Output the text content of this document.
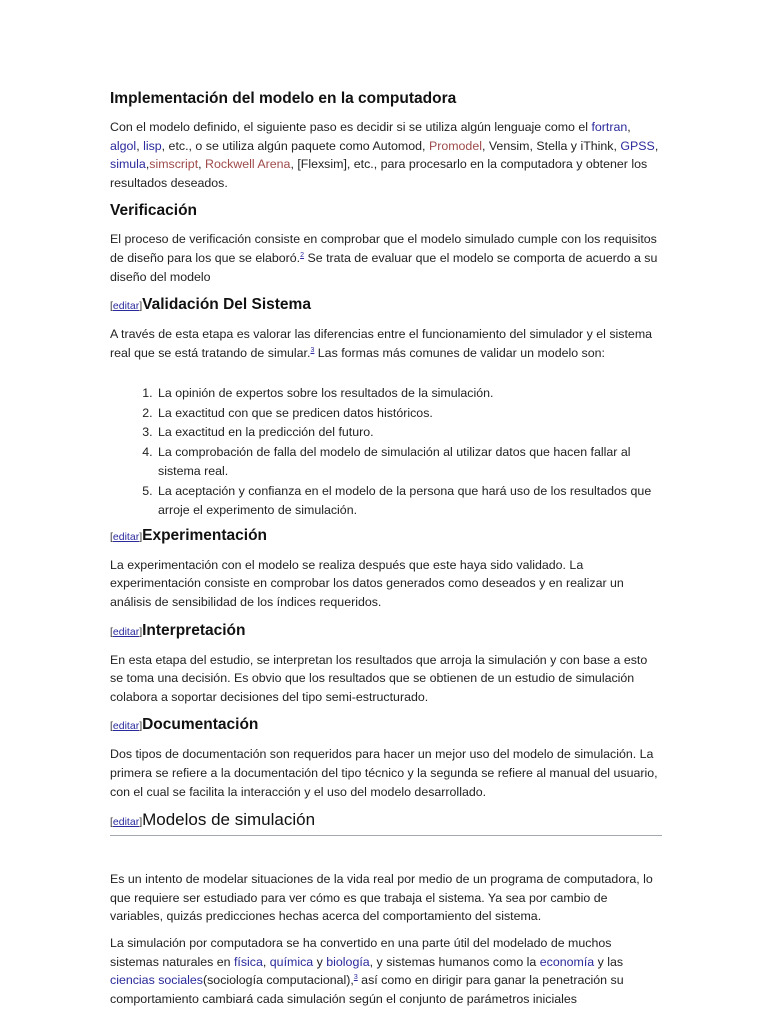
Implementación del modelo en la computadora

Con el modelo definido, el siguiente paso es decidir si se utiliza algún lenguaje como el fortran, algol, lisp, etc., o se utiliza algún paquete como Automod, Promodel, Vensim, Stella y iThink, GPSS, simula,simscript, Rockwell Arena, [Flexsim], etc., para procesarlo en la computadora y obtener los resultados deseados.

Verificación

El proceso de verificación consiste en comprobar que el modelo simulado cumple con los requisitos de diseño para los que se elaboró.$^2$ Se trata de evaluar que el modelo se comporta de acuerdo a su diseño del modelo

[editar]Validación Del Sistema

A través de esta etapa es valorar las diferencias entre el funcionamiento del simulador y el sistema real que se está tratando de simular.$^3$ Las formas más comunes de validar un modelo son:

1. La opinión de expertos sobre los resultados de la simulación.
2. La exactitud con que se predicen datos históricos.
3. La exactitud en la predicción del futuro.
4. La comprobación de falla del modelo de simulación al utilizar datos que hacen fallar al sistema real.
5. La aceptación y confianza en el modelo de la persona que hará uso de los resultados que arroje el experimento de simulación.
[editar]Experimentación

La experimentación con el modelo se realiza después que este haya sido validado. La experimentación consiste en comprobar los datos generados como deseados y en realizar un análisis de sensibilidad de los índices requeridos.

[editar]Interpretación

En esta etapa del estudio, se interpretan los resultados que arroja la simulación y con base a esto se toma una decisión. Es obvio que los resultados que se obtienen de un estudio de simulación colabora a soportar decisiones del tipo semi-estructurado.

[editar]Documentación

Dos tipos de documentación son requeridos para hacer un mejor uso del modelo de simulación. La primera se refiere a la documentación del tipo técnico y la segunda se refiere al manual del usuario, con el cual se facilita la interacción y el uso del modelo desarrollado.

[editar]Modelos de simulación

Es un intento de modelar situaciones de la vida real por medio de un programa de computadora, lo que requiere ser estudiado para ver cómo es que trabaja el sistema. Ya sea por cambio de variables, quizás predicciones hechas acerca del comportamiento del sistema.

La simulación por computadora se ha convertido en una parte útil del modelado de muchos sistemas naturales en física, química y biología, y sistemas humanos como la economía y las ciencias sociales(sociología computacional),$^3$ así como en dirigir para ganar la penetración su comportamiento cambiará cada simulación según el conjunto de parámetros iniciales
